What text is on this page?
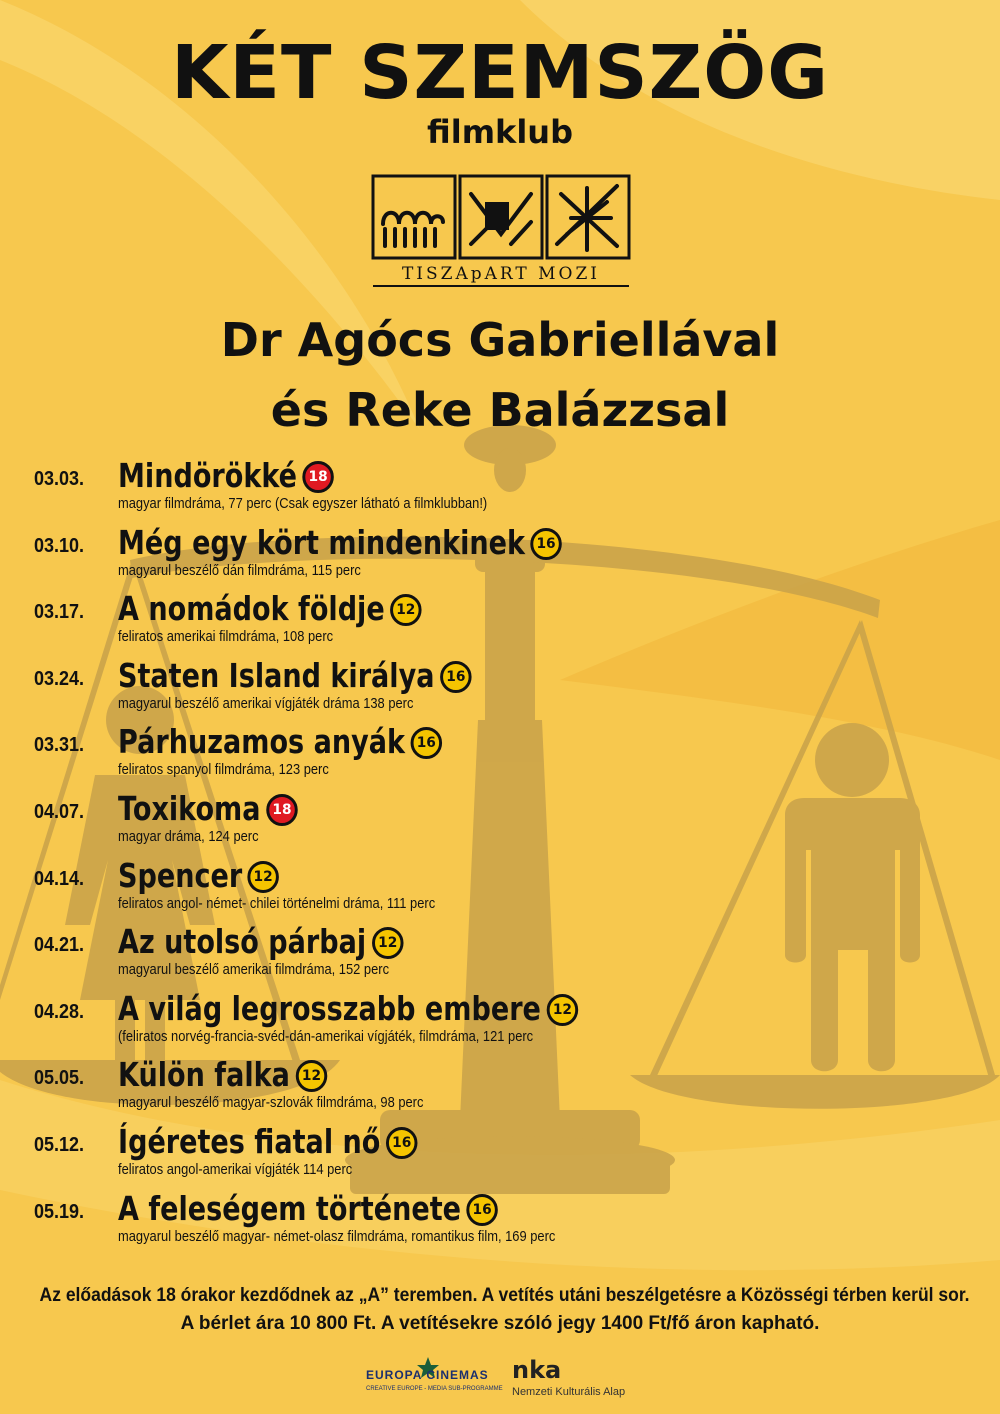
KÉT SZEMSZÖG
filmklub
TISZApART MOZI
Dr Agócs Gabriellával
és Reke Balázzsal
03.03.	Mindörökké 18
magyar filmdráma, 77 perc (Csak egyszer látható a filmklubban!)
03.10.	Még egy kört mindenkinek 16
magyarul beszélő dán filmdráma, 115 perc
03.17.	A nomádok földje 12
feliratos amerikai filmdráma, 108 perc
03.24.	Staten Island királya 16
magyarul beszélő amerikai vígjáték dráma 138 perc
03.31.	Párhuzamos anyák 16
feliratos spanyol filmdráma, 123 perc
04.07.	Toxikoma 18
magyar dráma, 124 perc
04.14.	Spencer 12
feliratos angol- német- chilei történelmi dráma, 111 perc
04.21.	Az utolsó párbaj 12
magyarul beszélő amerikai filmdráma, 152 perc
04.28.	A világ legrosszabb embere 12
(feliratos norvég-francia-svéd-dán-amerikai vígjáték, filmdráma, 121 perc
05.05.	Külön falka 12
magyarul beszélő magyar-szlovák filmdráma, 98 perc
05.12.	Ígéretes fiatal nő 16
feliratos angol-amerikai vígjáték 114 perc
05.19.	A feleségem története 16
magyarul beszélő magyar- német-olasz filmdráma, romantikus film, 169 perc
Az előadások 18 órakor kezdődnek az „A” teremben. A vetítés utáni beszélgetésre a Közösségi térben kerül sor.
A bérlet ára 10 800 Ft. A vetítésekre szóló jegy 1400 Ft/fő áron kapható.
EUROPA CINEMAS
CREATIVE EUROPE - MEDIA SUB-PROGRAMME
nka
Nemzeti Kulturális Alap
